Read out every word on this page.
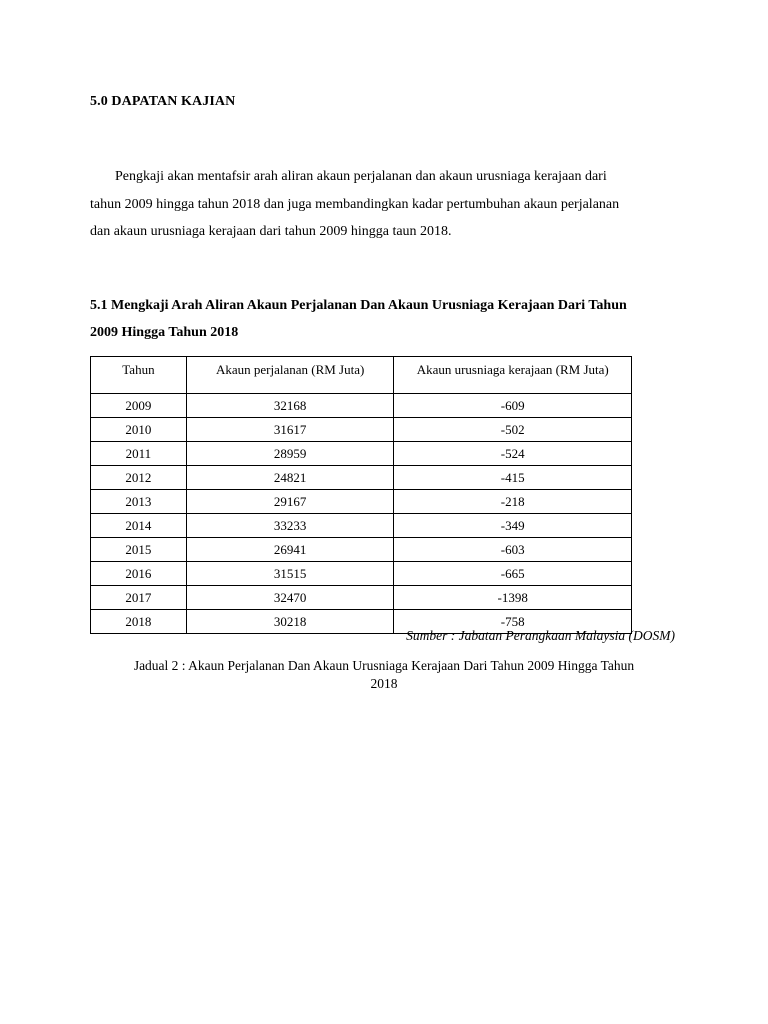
5.0 DAPATAN KAJIAN
Pengkaji akan mentafsir arah aliran akaun perjalanan dan akaun urusniaga kerajaan dari
tahun 2009 hingga tahun 2018 dan juga membandingkan kadar pertumbuhan akaun perjalanan
dan akaun urusniaga kerajaan dari tahun 2009 hingga taun 2018.
5.1 Mengkaji Arah Aliran Akaun Perjalanan Dan Akaun Urusniaga Kerajaan Dari Tahun
2009 Hingga Tahun 2018
Tahun	Akaun perjalanan (RM Juta)	Akaun urusniaga kerajaan (RM Juta)
2009	32168	-609
2010	31617	-502
2011	28959	-524
2012	24821	-415
2013	29167	-218
2014	33233	-349
2015	26941	-603
2016	31515	-665
2017	32470	-1398
2018	30218	-758
Sumber : Jabatan Perangkaan Malaysia (DOSM)
Jadual 2 : Akaun Perjalanan Dan Akaun Urusniaga Kerajaan Dari Tahun 2009 Hingga Tahun
2018
